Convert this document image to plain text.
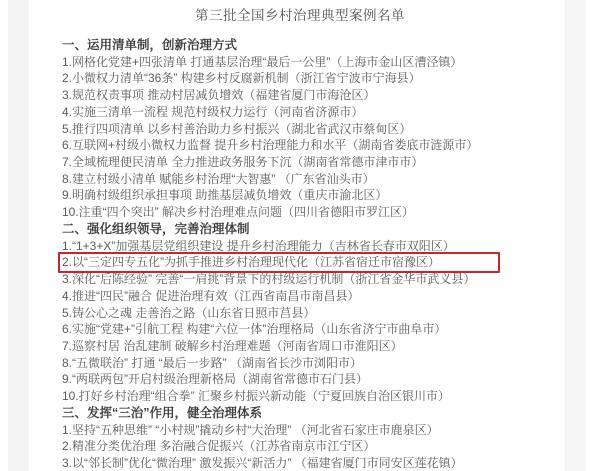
第三批全国乡村治理典型案例名单
一、运用清单制，创新治理方式
1.网格化党建+四张清单 打通基层治理“最后一公里”（上海市金山区漕泾镇）
2.小微权力清单“36条” 构建乡村反腐新机制（浙江省宁波市宁海县）
3.规范权责事项 推动村居减负增效（福建省厦门市海沧区）
4.实施三清单一流程 规范村级权力运行（河南省济源市）
5.推行四项清单 以乡村善治助力乡村振兴（湖北省武汉市蔡甸区）
6.互联网+村级小微权力监督 提升乡村治理能力和水平（湖南省娄底市涟源市）
7.全域梳理便民清单 全力推进政务服务下沉（湖南省常德市津市市）
8.建立村级小清单 赋能乡村治理“大智惠” （广东省汕头市）
9.明确村级组织承担事项 助推基层减负增效（重庆市渝北区）
10.注重“四个突出” 解决乡村治理难点问题（四川省德阳市罗江区）
二、强化组织领导，完善治理体制
1.“1+3+X”加强基层党组织建设 提升乡村治理能力（吉林省长春市双阳区）
2.以“三定四专五化”为抓手推进乡村治理现代化（江苏省宿迁市宿豫区）
3.深化“后陈经验” 完善“一肩挑”背景下的村级运行机制（浙江省金华市武义县）
4.推进“四民”融合 促进治理有效（江西省南昌市南昌县）
5.铸公心之魂 走善治之路（山东省日照市莒县）
6.实施“党建+”引航工程 构建“六位一体”治理格局（山东省济宁市曲阜市）
7.巡察村居 治乱建制 破解乡村治理难题（河南省周口市淮阳区）
8.“五微联治” 打通 “最后一步路” （湖南省长沙市浏阳市）
9.“两联两包”开启村级治理新格局（湖南省常德市石门县）
10.打好乡村治理“组合拳” 汇聚乡村振兴新动能（宁夏回族自治区银川市）
三、发挥“三治”作用，健全治理体系
1.坚持“五种思维” “小村规”撬动乡村“大治理” （河北省石家庄市鹿泉区）
2.精准分类优治理 多治融合促振兴（江苏省南京市江宁区）
3.以“邻长制”优化“微治理” 激发振兴“新活力” （福建省厦门市同安区莲花镇）
